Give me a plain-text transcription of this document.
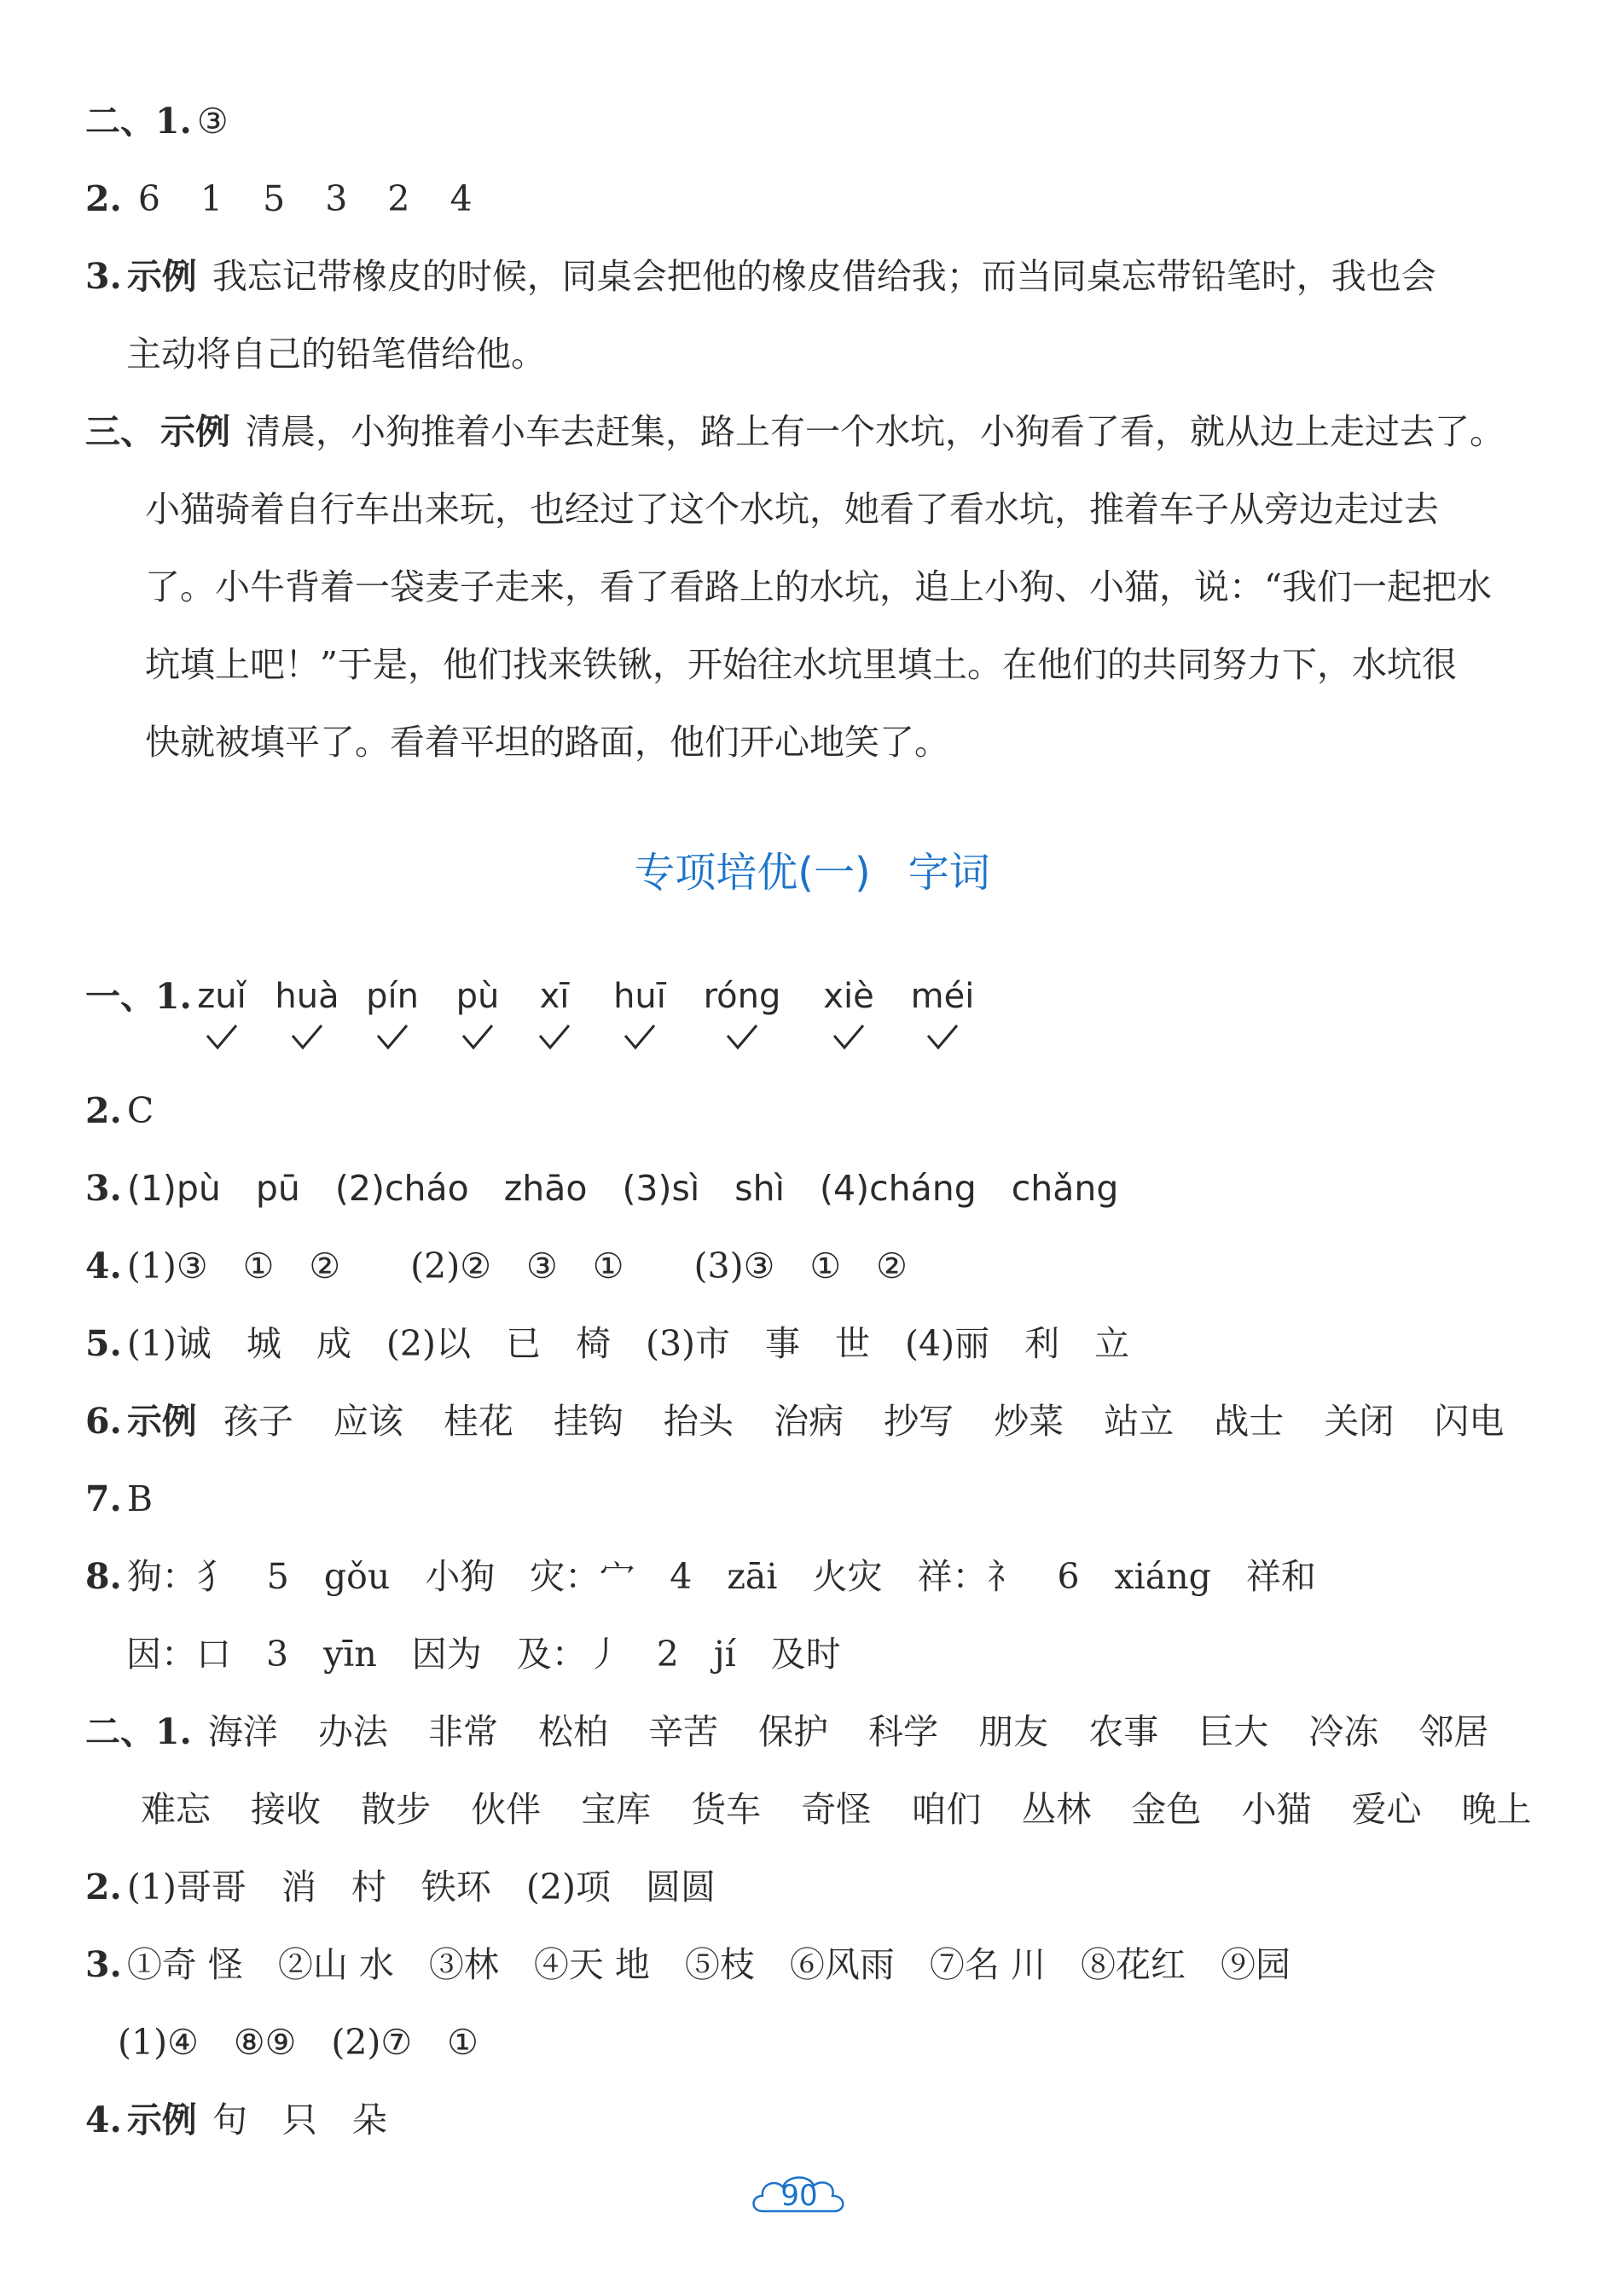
二、1. ③
2. 6 1 5 3 2 4
3. 示例 我忘记带橡皮的时候，同桌会把他的橡皮借给我；而当同桌忘带铅笔时，我也会
主动将自己的铅笔借给他。
三、 示例 清晨，小狗推着小车去赶集，路上有一个水坑，小狗看了看，就从边上走过去了。
小猫骑着自行车出来玩，也经过了这个水坑，她看了看水坑，推着车子从旁边走过去
了。小牛背着一袋麦子走来，看了看路上的水坑，追上小狗、小猫，说：“我们一起把水
坑填上吧！”于是，他们找来铁锹，开始往水坑里填土。在他们的共同努力下，水坑很
快就被填平了。看着平坦的路面，他们开心地笑了。
专项培优(一) 字词
一、1. zuǐ huà pín	pù	xī	huī	róng	xiè	méi
2. C
3. (1)pù　pū　(2)cháo　zhāo　(3)sì　shì　(4)cháng　chǎng
4. (1)③　①　②　　(2)②　③　①　　(3)③　①　②
5. (1)诚　城　成　(2)以　已　椅　(3)市　事　世　(4)丽　利　立
6. 示例 孩子 应该 桂花 挂钩 抬头 治病 抄写 炒菜 站立 战士 关闭 闪电
7. B
8. 狗：犭　5　gǒu　小狗　灾：宀　4　zāi　火灾　祥：礻　6　xiáng　祥和
因：口　3　yīn　因为　及：丿　2　jí　及时
二、1. 海洋 办法 非常 松柏 辛苦 保护 科学 朋友 农事 巨大 冷冻 邻居
难忘 接收 散步 伙伴 宝库 货车 奇怪 咱们 丛林 金色 小猫 爱心 晚上
2. (1)哥哥　消　村　铁环　(2)项　圆圆
3. ①奇 怪　②山 水　③林　④天 地　⑤枝　⑥风雨　⑦名 川　⑧花红　⑨园
(1)④　⑧⑨　(2)⑦　①
4. 示例 句　只　朵
90
